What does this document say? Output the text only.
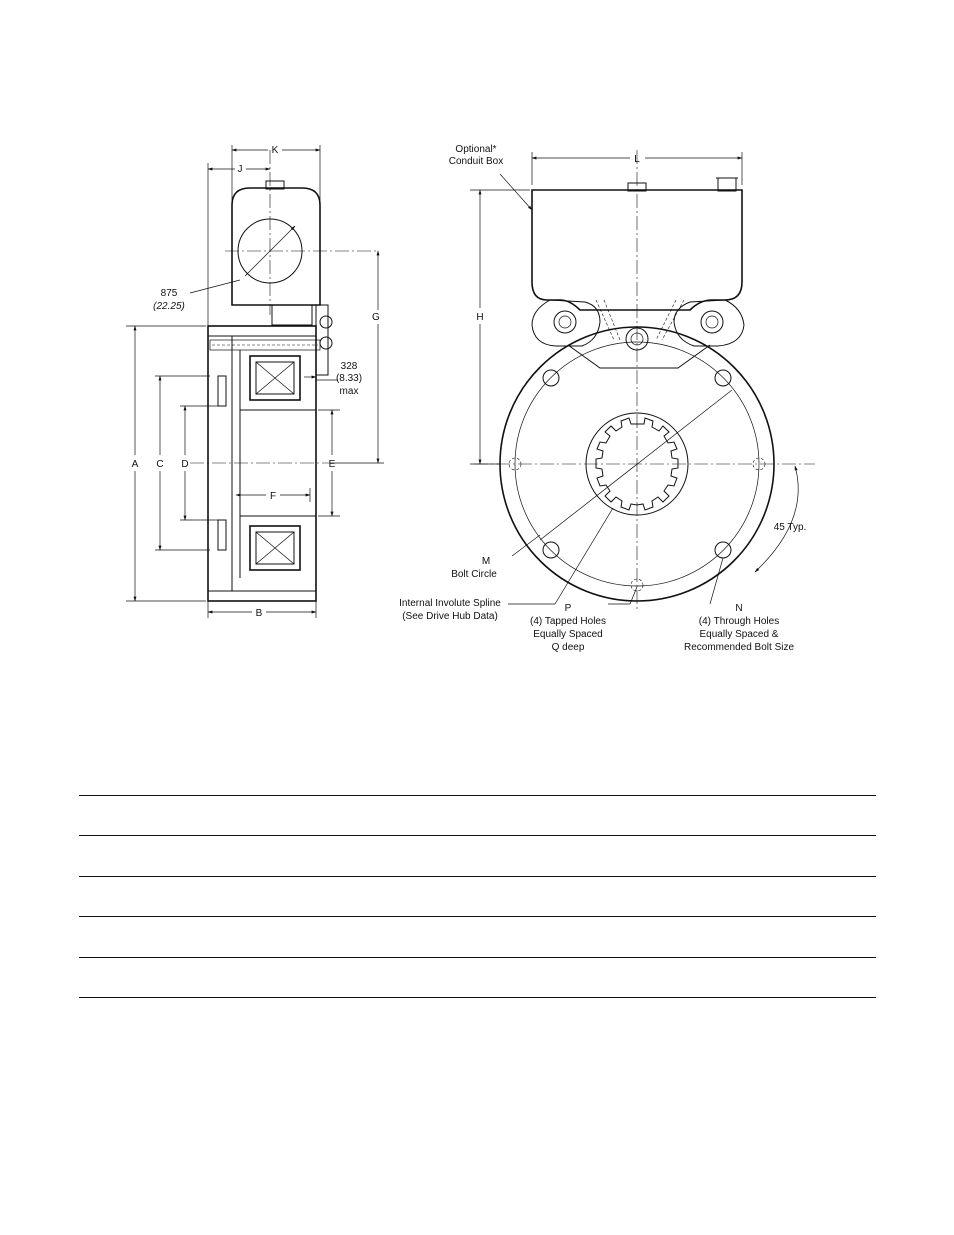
K
J
875
(22.25)
G
328
(8.33)
max
A C D	E
F
B
Optional*
Conduit Box	L
H
45 Typ.
M
Bolt Circle
Internal Involute Spline
(See Drive Hub Data)
P
(4) Tapped Holes
Equally Spaced
Q deep
N
(4) Through Holes
Equally Spaced &
Recommended Bolt Size
